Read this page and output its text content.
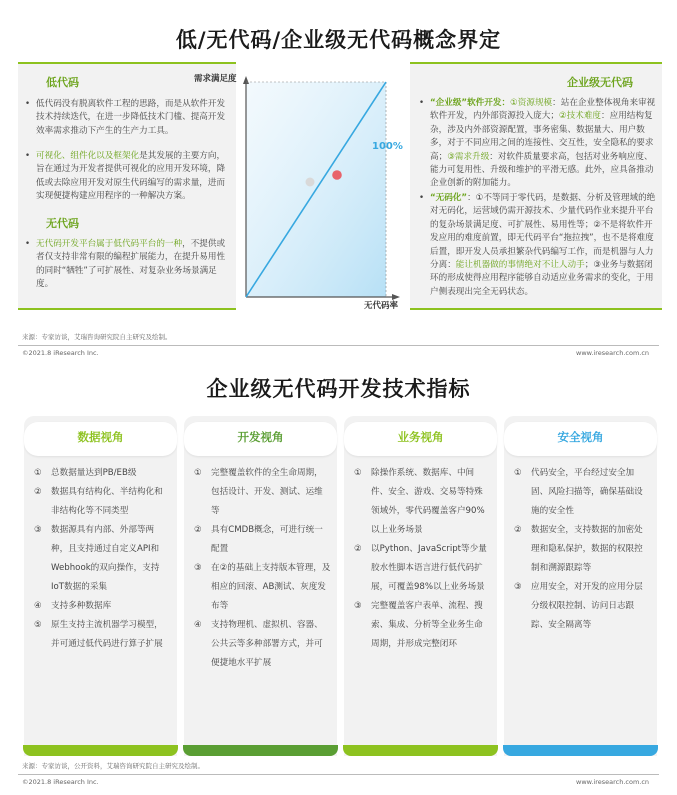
低/无代码/企业级无代码概念界定
低代码
• 低代码没有脱离软件工程的思路，而是从软件开发技术持续迭代，在进一步降低技术门槛、提高开发效率需求推动下产生的生产力工具。
• 可视化、组件化以及框架化是其发展的主要方向，旨在通过为开发者提供可视化的应用开发环境，降低或去除应用开发对原生代码编写的需求量，进而实现便捷构建应用程序的一种解决方案。
无代码
• 无代码开发平台属于低代码平台的一种，不提供或者仅支持非常有限的编程扩展能力，在提升易用性的同时“牺牲”了可扩展性、对复杂业务场景满足度。
需求满足度
无代码率
100%
企业级无代码
• “企业级”软件开发：①资源规模：站在企业整体视角来审视软件开发，内外部资源投入庞大；②技术难度：应用结构复杂，涉及内外部资源配置，事务密集、数据量大、用户数多，对于不同应用之间的连接性、交互性，安全隐私的要求高；③需求升级：对软件质量要求高，包括对业务响应度、能力可复用性、升级和维护的平滑无感。此外，应具备推动企业创新的附加能力。
• “无码化”：①不等同于零代码，是数据、分析及管理域的绝对无码化，运营域仍需开源技术、少量代码作业来提升平台的复杂场景满足度、可扩展性、易用性等；②不是将软件开发应用的难度前置，即无代码平台“拖拉拽”，也不是将难度后置，即开发人员承担繁杂代码编写工作，而是机器与人力分离：能让机器做的事情绝对不让人动手；③业务与数据闭环的形成使得应用程序能够自动适应业务需求的变化，于用户侧表现出完全无码状态。
来源：专家访谈，艾瑞咨询研究院自主研究及绘制。
©2021.8 iResearch Inc.	www.iresearch.com.cn
企业级无代码开发技术指标
数据视角
① 总数据量达到PB/EB级
② 数据具有结构化、半结构化和非结构化等不同类型
③ 数据源具有内部、外部等两种，且支持通过自定义API和Webhook的双向操作，支持IoT数据的采集
④ 支持多种数据库
⑤ 原生支持主流机器学习模型，并可通过低代码进行算子扩展
开发视角
① 完整覆盖软件的全生命周期，包括设计、开发、测试、运维等
② 具有CMDB概念，可进行统一配置
③ 在②的基础上支持版本管理，及相应的回滚、AB测试、灰度发布等
④ 支持物理机、虚拟机、容器、公共云等多种部署方式，并可便捷地水平扩展
业务视角
① 除操作系统、数据库、中间件、安全、游戏、交易等特殊领域外，零代码覆盖客户90%以上业务场景
② 以Python、JavaScript等少量胶水性脚本语言进行低代码扩展，可覆盖98%以上业务场景
③ 完整覆盖客户表单、流程、搜索、集成、分析等全业务生命周期，并形成完整闭环
安全视角
① 代码安全，平台经过安全加固、风险扫描等，确保基础设施的安全性
② 数据安全，支持数据的加密处理和隐私保护，数据的权限控制和溯源跟踪等
③ 应用安全，对开发的应用分层分级权限控制、访问日志跟踪、安全隔离等
来源：专家访谈，公开资料，艾瑞咨询研究院自主研究及绘制。
©2021.8 iResearch Inc.	www.iresearch.com.cn
